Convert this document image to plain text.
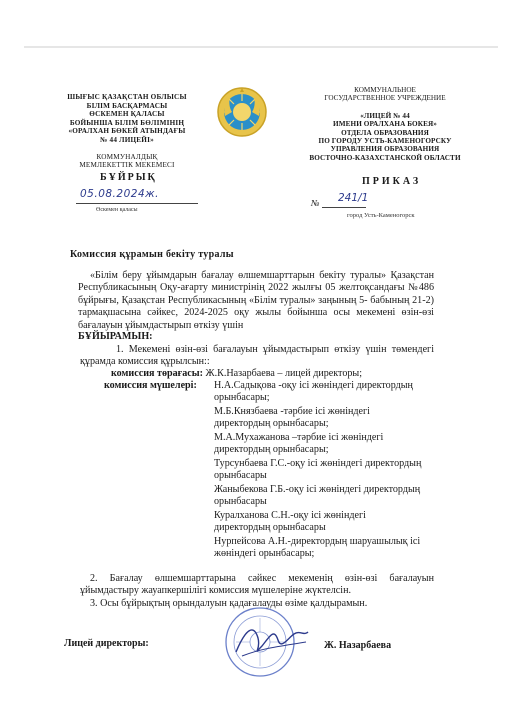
ШЫҒЫС ҚАЗАҚСТАН ОБЛЫСЫ
БІЛІМ БАСҚАРМАСЫ
ӨСКЕМЕН ҚАЛАСЫ
БОЙЫНША БІЛІМ БӨЛІМІНІҢ
«ОРАЛХАН БӨКЕЙ АТЫНДАҒЫ
№ 44 ЛИЦЕЙІ»
КОММУНАЛДЫҚ
МЕМЛЕКЕТТІК МЕКЕМЕСІ
КОММУНАЛЬНОЕ
ГОСУДАРСТВЕННОЕ УЧРЕЖДЕНИЕ
«ЛИЦЕЙ № 44
ИМЕНИ ОРАЛХАНА БОКЕЯ»
ОТДЕЛА ОБРАЗОВАНИЯ
ПО ГОРОДУ УСТЬ-КАМЕНОГОРСКУ
УПРАВЛЕНИЯ ОБРАЗОВАНИЯ
ВОСТОЧНО-КАЗАХСТАНСКОЙ ОБЛАСТИ
БҰЙРЫҚ	ПРИКАЗ
05.08.2024ж.
Өскемен қаласы
№ 241/1
город Усть-Каменогорск
Комиссия құрамын бекіту туралы
«Білім беру ұйымдарын бағалау өлшемшарттарын бекіту туралы» Қазақстан Республикасының Оқу-ағарту министрінің 2022 жылғы 05 желтоқсандағы №486 бұйрығы, Қазақстан Республикасының «Білім туралы» заңының 5- бабының 21-2) тармақшасына сәйкес, 2024-2025 оқу жылы бойынша осы мекемені өзін-өзі бағалауын ұйымдастырып өткізу үшін
БҰЙЫРАМЫН:
1. Мекемені өзін-өзі бағалауын ұйымдастырып өткізу үшін төмендегі құрамда комиссия құрылсын::
комиссия төрағасы: Ж.К.Назарбаева – лицей директоры;
комиссия мүшелері: Н.А.Садықова -оқу ісі жөніндегі директордың
орынбасары;
М.Б.Князбаева -тәрбие ісі жөніндегі
директордың орынбасары;
М.А.Мухажанова –тәрбие ісі жөніндегі
директордың орынбасары;
Турсунбаева Г.С.-оқу ісі жөніндегі директордың
орынбасары
Жаныбекова Г.Б.-оқу ісі жөніндегі директордың
орынбасары
Куралханова С.Н.-оқу ісі жөніндегі
директордың орынбасары
Нурпейсова А.Н.-директордың шаруашылық ісі
жөніндегі орынбасары;
2. Бағалау өлшемшарттарына сәйкес мекеменің өзін-өзі бағалауын ұйымдастыру жауапкершілігі комиссия мүшелеріне жүктелсін.
3. Осы бұйрықтың орындалуын қадағалауды өзіме қалдырамын.
Лицей директоры:	Ж. Назарбаева
